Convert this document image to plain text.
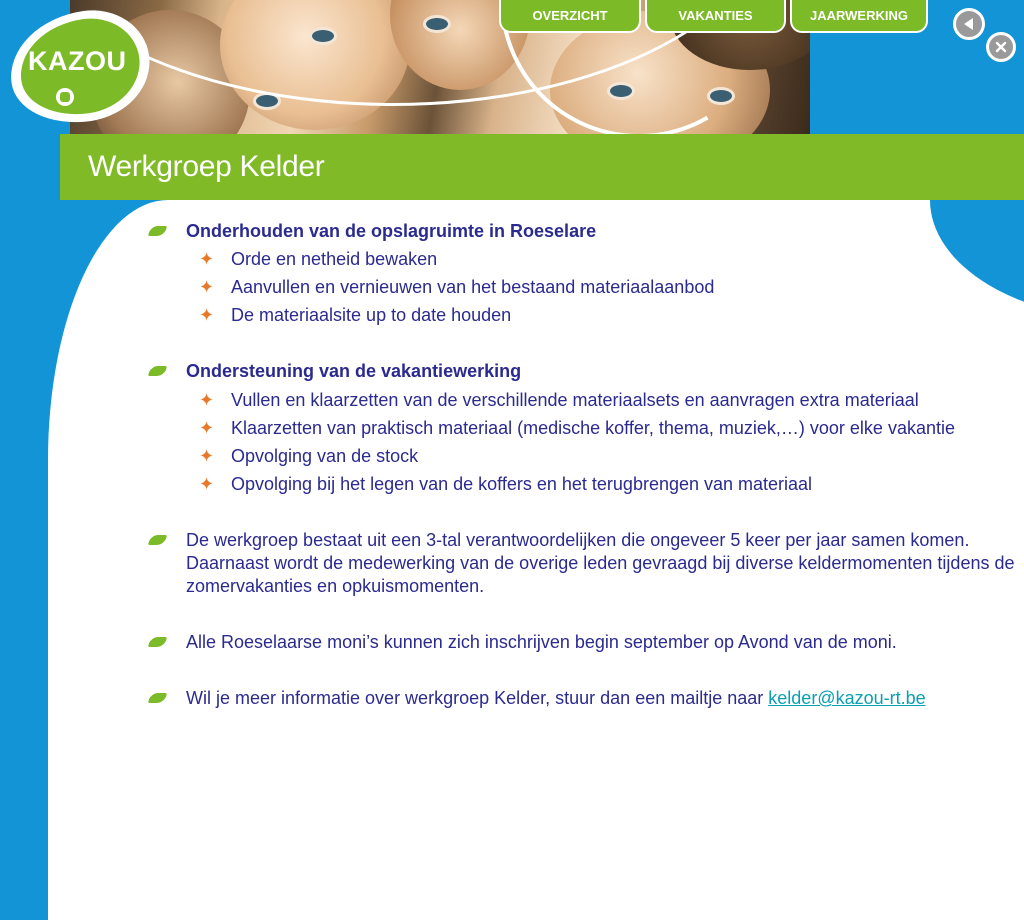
KAZOU
OVERZICHT	VAKANTIES	JAARWERKING
Werkgroep Kelder
Onderhouden van de opslagruimte in Roeselare
✦ Orde en netheid bewaken
✦ Aanvullen en vernieuwen van het bestaand materiaalaanbod
✦ De materiaalsite up to date houden
Ondersteuning van de vakantiewerking
✦ Vullen en klaarzetten van de verschillende materiaalsets en aanvragen extra materiaal
✦ Klaarzetten van praktisch materiaal (medische koffer, thema, muziek,…) voor elke vakantie
✦ Opvolging van de stock
✦ Opvolging bij het legen van de koffers en het terugbrengen van materiaal
De werkgroep bestaat uit een 3-tal verantwoordelijken die ongeveer 5 keer per jaar samen komen.
Daarnaast wordt de medewerking van de overige leden gevraagd bij diverse keldermomenten tijdens de
zomervakanties en opkuismomenten.
Alle Roeselaarse moni’s kunnen zich inschrijven begin september op Avond van de moni.
Wil je meer informatie over werkgroep Kelder, stuur dan een mailtje naar kelder@kazou-rt.be
